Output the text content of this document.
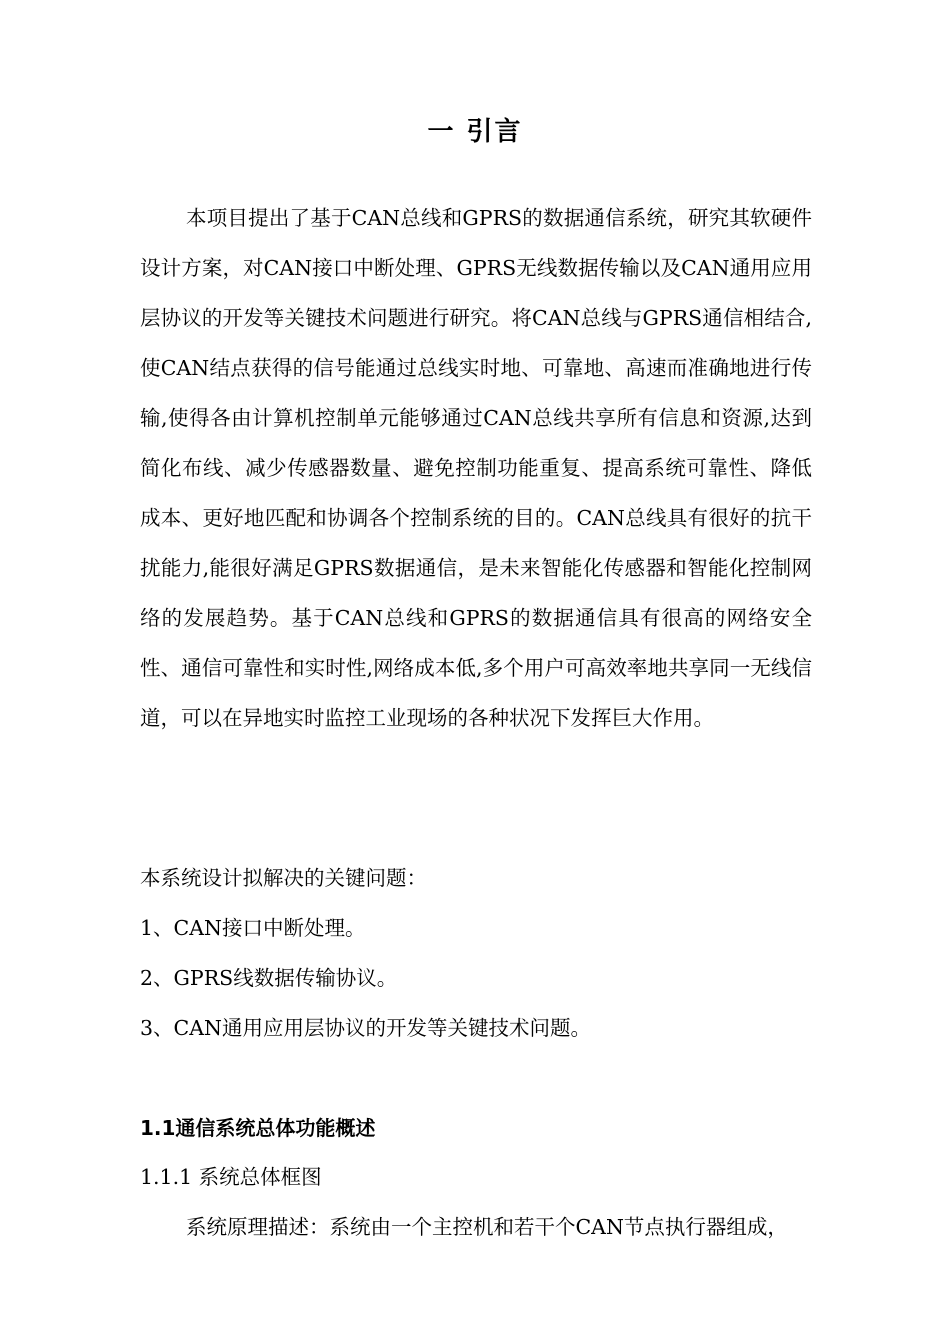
一 引言

本项目提出了基于CAN总线和GPRS的数据通信系统，研究其软硬件设计方案，对CAN接口中断处理、GPRS无线数据传输以及CAN通用应用层协议的开发等关键技术问题进行研究。将CAN总线与GPRS通信相结合,使CAN结点获得的信号能通过总线实时地、可靠地、高速而准确地进行传输,使得各由计算机控制单元能够通过CAN总线共享所有信息和资源,达到简化布线、减少传感器数量、避免控制功能重复、提高系统可靠性、降低成本、更好地匹配和协调各个控制系统的目的。CAN总线具有很好的抗干扰能力,能很好满足GPRS数据通信，是未来智能化传感器和智能化控制网络的发展趋势。基于CAN总线和GPRS的数据通信具有很高的网络安全性、通信可靠性和实时性,网络成本低,多个用户可高效率地共享同一无线信道，可以在异地实时监控工业现场的各种状况下发挥巨大作用。

本系统设计拟解决的关键问题：

1、CAN接口中断处理。

2、GPRS线数据传输协议。

3、CAN通用应用层协议的开发等关键技术问题。

1.1通信系统总体功能概述

1.1.1 系统总体框图

系统原理描述：系统由一个主控机和若干个CAN节点执行器组成，
